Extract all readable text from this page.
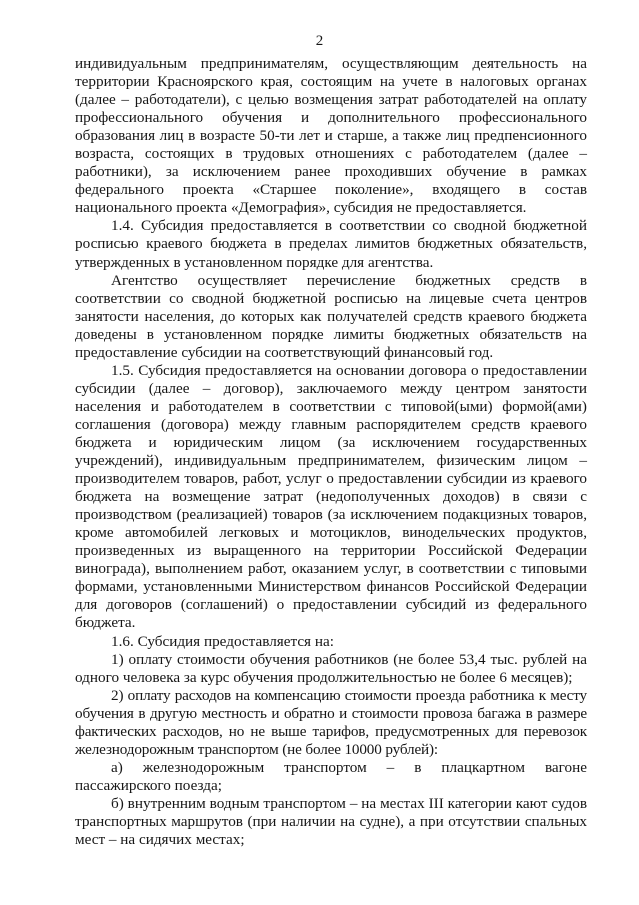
2

индивидуальным предпринимателям, осуществляющим деятельность на территории Красноярского края, состоящим на учете в налоговых органах (далее – работодатели), с целью возмещения затрат работодателей на оплату профессионального обучения и дополнительного профессионального образования лиц в возрасте 50-ти лет и старше, а также лиц предпенсионного возраста, состоящих в трудовых отношениях с работодателем (далее – работники), за исключением ранее проходивших обучение в рамках федерального проекта «Старшее поколение», входящего в состав национального проекта «Демография», субсидия не предоставляется.

1.4. Субсидия предоставляется в соответствии со сводной бюджетной росписью краевого бюджета в пределах лимитов бюджетных обязательств, утвержденных в установленном порядке для агентства.

Агентство осуществляет перечисление бюджетных средств в соответствии со сводной бюджетной росписью на лицевые счета центров занятости населения, до которых как получателей средств краевого бюджета доведены в установленном порядке лимиты бюджетных обязательств на предоставление субсидии на соответствующий финансовый год.

1.5. Субсидия предоставляется на основании договора о предоставлении субсидии (далее – договор), заключаемого между центром занятости населения и работодателем в соответствии с типовой(ыми) формой(ами) соглашения (договора) между главным распорядителем средств краевого бюджета и юридическим лицом (за исключением государственных учреждений), индивидуальным предпринимателем, физическим лицом – производителем товаров, работ, услуг о предоставлении субсидии из краевого бюджета на возмещение затрат (недополученных доходов) в связи с производством (реализацией) товаров (за исключением подакцизных товаров, кроме автомобилей легковых и мотоциклов, винодельческих продуктов, произведенных из выращенного на территории Российской Федерации винограда), выполнением работ, оказанием услуг, в соответствии с типовыми формами, установленными Министерством финансов Российской Федерации для договоров (соглашений) о предоставлении субсидий из федерального бюджета.

1.6. Субсидия предоставляется на:

1) оплату стоимости обучения работников (не более 53,4 тыс. рублей на одного человека за курс обучения продолжительностью не более 6 месяцев);

2) оплату расходов на компенсацию стоимости проезда работника к месту обучения в другую местность и обратно и стоимости провоза багажа в размере фактических расходов, но не выше тарифов, предусмотренных для перевозок железнодорожным транспортом (не более 10000 рублей):

а) железнодорожным транспортом – в плацкартном вагоне пассажирского поезда;

б) внутренним водным транспортом – на местах III категории кают судов транспортных маршрутов (при наличии на судне), а при отсутствии спальных мест – на сидячих местах;
